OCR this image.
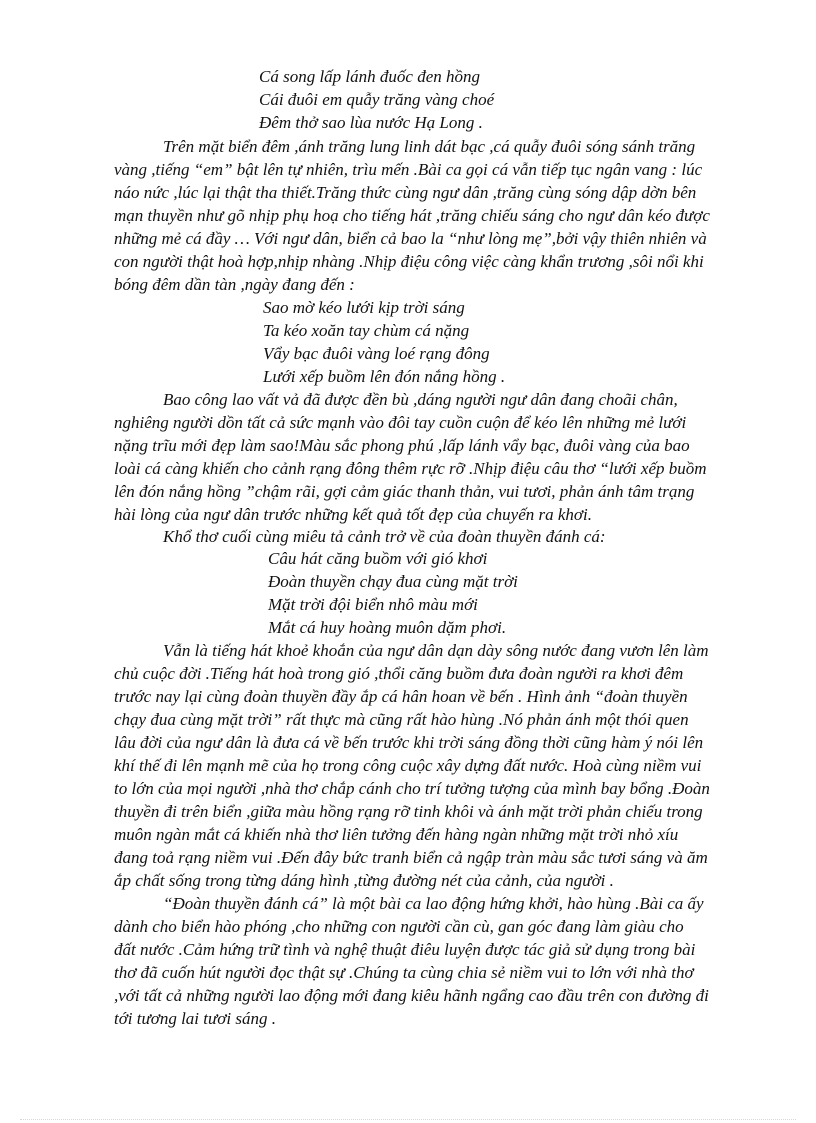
Cá song lấp lánh đuốc đen hồng
Cái đuôi em quẫy trăng vàng choé
Đêm thở sao lùa nước Hạ Long .
Trên mặt biển đêm ,ánh trăng lung linh dát bạc ,cá quẫy đuôi sóng sánh trăng
vàng ,tiếng “em” bật lên tự nhiên, trìu mến .Bài ca gọi cá vẫn tiếp tục ngân vang : lúc
náo nức ,lúc lại thật tha thiết.Trăng thức cùng ngư dân ,trăng cùng sóng dập dờn bên
mạn thuyền như gõ nhịp phụ hoạ cho tiếng hát ,trăng chiếu sáng cho ngư dân kéo được
những mẻ cá đầy … Với ngư dân, biển cả bao la “như lòng mẹ”,bởi vậy thiên nhiên và
con người thật hoà hợp,nhịp nhàng .Nhịp điệu công việc càng khẩn trương ,sôi nổi khi
bóng đêm dần tàn ,ngày đang đến :
Sao mờ kéo lưới kịp trời sáng
Ta kéo xoăn tay chùm cá nặng
Vẩy bạc đuôi vàng loé rạng đông
Lưới xếp buồm lên đón nắng hồng .
Bao công lao vất vả đã được đền bù ,dáng người ngư dân đang choãi chân,
nghiêng người dồn tất cả sức mạnh vào đôi tay cuồn cuộn để kéo lên những mẻ lưới
nặng trĩu mới đẹp làm sao!Màu sắc phong phú ,lấp lánh vẩy bạc, đuôi vàng của bao
loài cá càng khiến cho cảnh rạng đông thêm rực rỡ .Nhịp điệu câu thơ “lưới xếp buồm
lên đón nắng hồng ”chậm rãi, gợi cảm giác thanh thản, vui tươi, phản ánh tâm trạng
hài lòng của ngư dân trước những kết quả tốt đẹp của chuyến ra khơi.
Khổ thơ cuối cùng miêu tả cảnh trở về của đoàn thuyền đánh cá:
Câu hát căng buồm với gió khơi
Đoàn thuyền chạy đua cùng mặt trời
Mặt trời đội biển nhô màu mới
Mắt cá huy hoàng muôn dặm phơi.
Vẫn là tiếng hát khoẻ khoắn của ngư dân dạn dày sông nước đang vươn lên làm
chủ cuộc đời .Tiếng hát hoà trong gió ,thổi căng buồm đưa đoàn người ra khơi đêm
trước nay lại cùng đoàn thuyền đầy ắp cá hân hoan về bến . Hình ảnh “đoàn thuyền
chạy đua cùng mặt trời” rất thực mà cũng rất hào hùng .Nó phản ánh một thói quen
lâu đời của ngư dân là đưa cá về bến trước khi trời sáng đồng thời cũng hàm ý nói lên
khí thế đi lên mạnh mẽ của họ trong công cuộc xây dựng đất nước. Hoà cùng niềm vui
to lớn của mọi người ,nhà thơ chắp cánh cho trí tưởng tượng của mình bay bổng .Đoàn
thuyền đi trên biển ,giữa màu hồng rạng rỡ tinh khôi và ánh mặt trời phản chiếu trong
muôn ngàn mắt cá khiến nhà thơ liên tưởng đến hàng ngàn những mặt trời nhỏ xíu
đang toả rạng niềm vui .Đến đây bức tranh biển cả ngập tràn màu sắc tươi sáng và ăm
ắp chất sống trong từng dáng hình ,từng đường nét của cảnh, của người .
“Đoàn thuyền đánh cá” là một bài ca lao động hứng khởi, hào hùng .Bài ca ấy
dành cho biển hào phóng ,cho những con người cần cù, gan góc đang làm giàu cho
đất nước .Cảm hứng trữ tình và nghệ thuật điêu luyện được tác giả sử dụng trong bài
thơ đã cuốn hút người đọc thật sự .Chúng ta cùng chia sẻ niềm vui to lớn với nhà thơ
,với tất cả những người lao động mới đang kiêu hãnh ngẩng cao đầu trên con đường đi
tới tương lai tươi sáng .
